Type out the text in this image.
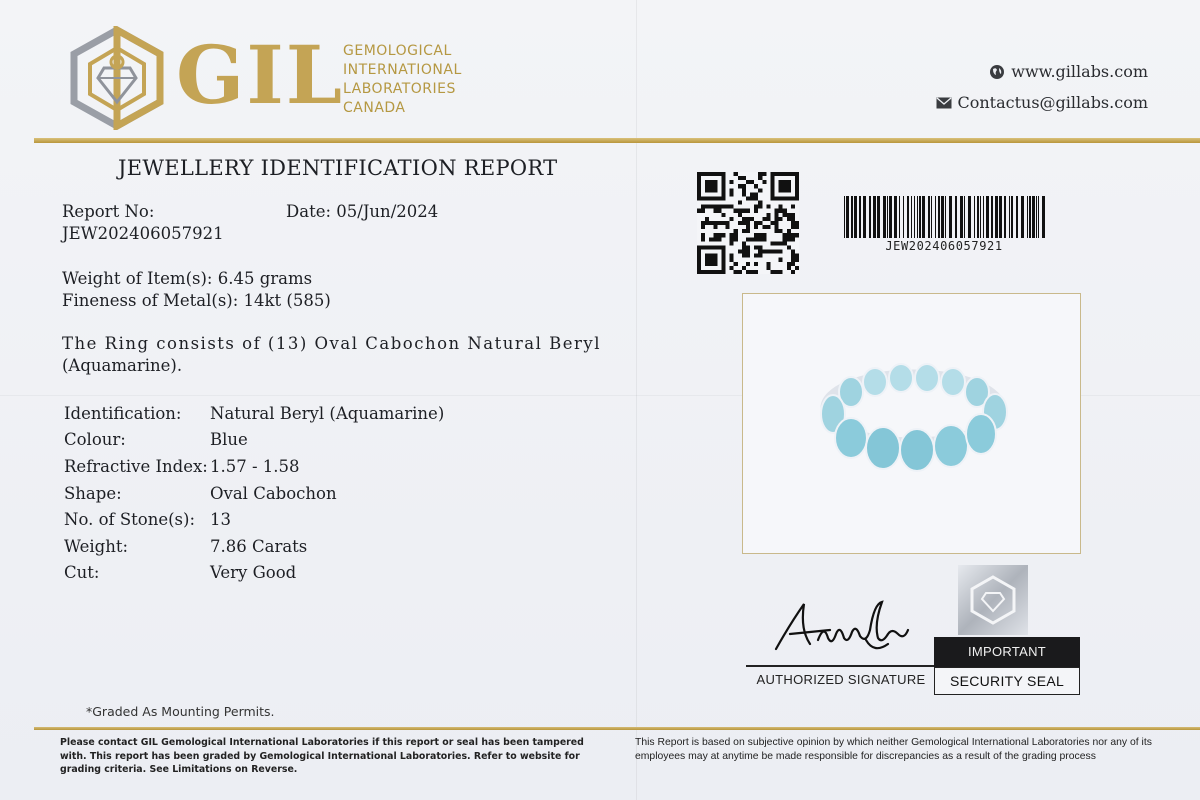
GIL GEMOLOGICAL
INTERNATIONAL
LABORATORIES
CANADA
www.gillabs.com
Contactus@gillabs.com
JEWELLERY IDENTIFICATION REPORT
Report No:
JEW202406057921
Date: 05/Jun/2024
Weight of Item(s): 6.45 grams
Fineness of Metal(s): 14kt (585)
The Ring consists of (13) Oval Cabochon Natural Beryl
(Aquamarine).
Identification:	Natural Beryl (Aquamarine)
Colour:	Blue
Refractive Index: 1.57 - 1.58
Shape:	Oval Cabochon
No. of Stone(s): 13
Weight:	7.86 Carats
Cut:	Very Good
*Graded As Mounting Permits.
JEW202406057921
AUTHORIZED SIGNATURE
IMPORTANT
SECURITY SEAL
Please contact GIL Gemological International Laboratories if this report or seal has been tampered with. This report has been graded by Gemological International Laboratories. Refer to website for grading criteria. See Limitations on Reverse.
This Report is based on subjective opinion by which neither Gemological International Laboratories nor any of its employees may at anytime be made responsible for discrepancies as a result of the grading process
